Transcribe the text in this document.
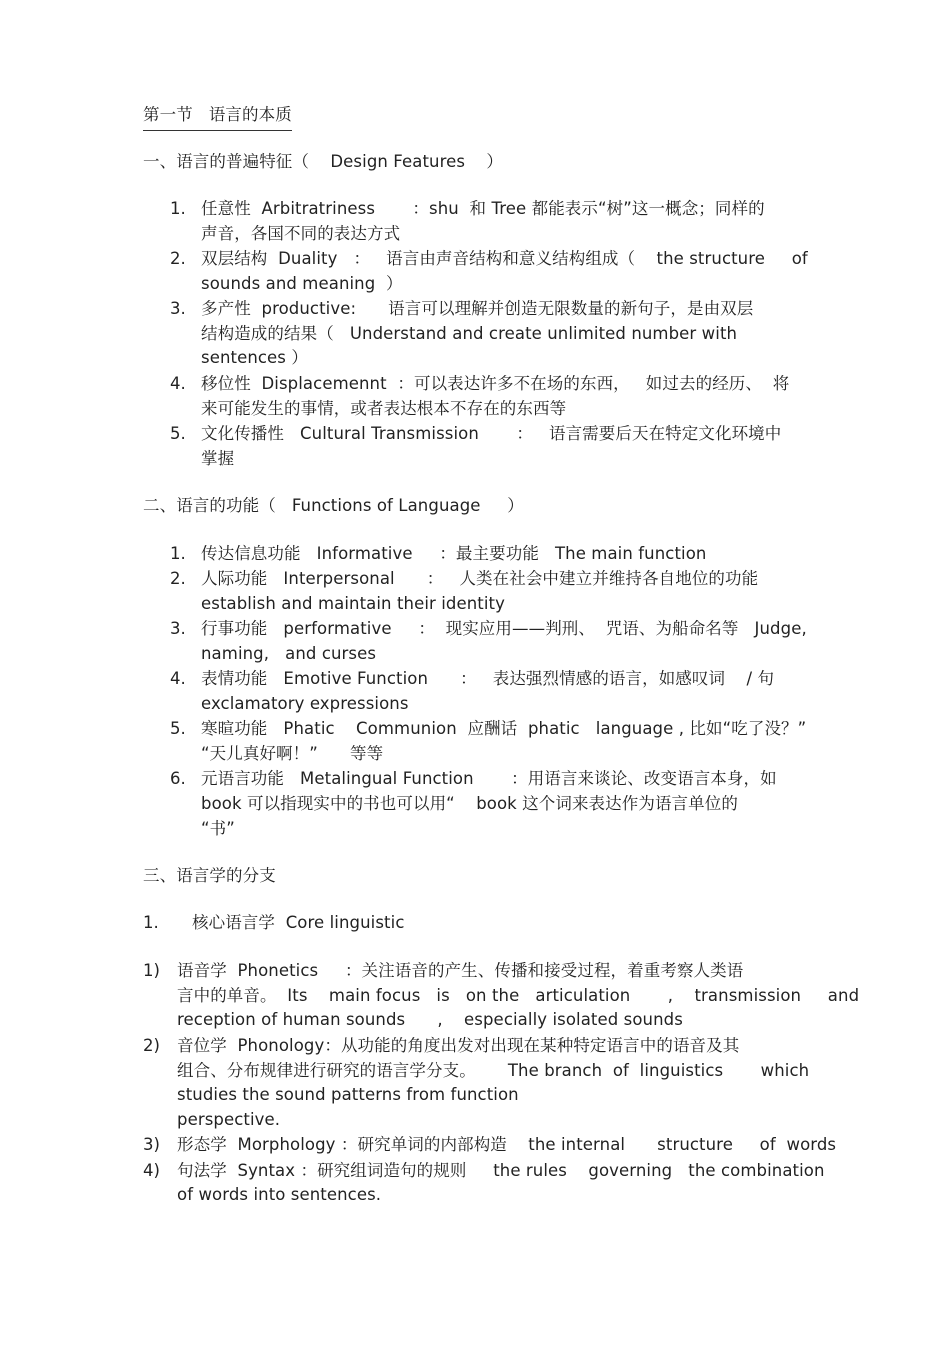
第一节   语言的本质
一、语言的普遍特征（    Design Features    ）
1. 任意性  Arbitratriness       ：shu  和 Tree 都能表示“树”这一概念；同样的
声音，各国不同的表达方式
2. 双层结构  Duality   ：   语言由声音结构和意义结构组成（    the structure     of
sounds and meaning  ）
3. 多产性  productive:      语言可以理解并创造无限数量的新句子，是由双层
结构造成的结果（   Understand and create unlimited number with
sentences ）
4. 移位性  Displacemennt  ：可以表达许多不在场的东西，   如过去的经历、  将
来可能发生的事情，或者表达根本不存在的东西等
5. 文化传播性   Cultural Transmission       ：   语言需要后天在特定文化环境中
掌握
二、语言的功能（   Functions of Language     ）
1. 传达信息功能   Informative     ：最主要功能   The main function
2. 人际功能   Interpersonal      ：   人类在社会中建立并维持各自地位的功能
establish and maintain their identity
3. 行事功能   performative     ：  现实应用——判刑、  咒语、为船命名等   Judge,
naming,   and curses
4. 表情功能   Emotive Function      ：   表达强烈情感的语言，如感叹词    / 句
exclamatory expressions
5. 寒暄功能   Phatic    Communion  应酬话  phatic   language , 比如“吃了没？”
“天儿真好啊！”      等等
6. 元语言功能   Metalingual Function       ：用语言来谈论、改变语言本身，如
book 可以指现实中的书也可以用“    book 这个词来表达作为语言单位的
“书”
三、语言学的分支
1. 核心语言学  Core linguistic
1) 语音学  Phonetics     ：关注语音的产生、传播和接受过程，着重考察人类语
言中的单音。  Its    main focus   is   on the   articulation       ,    transmission     and
reception of human sounds      ,    especially isolated sounds
2) 音位学  Phonology：从功能的角度出发对出现在某种特定语言中的语音及其
组合、分布规律进行研究的语言学分支。      The branch  of  linguistics       which
studies the sound patterns from function
perspective.
3) 形态学  Morphology ：研究单词的内部构造    the internal      structure     of  words
4) 句法学  Syntax ：研究组词造句的规则     the rules    governing   the combination
of words into sentences.
